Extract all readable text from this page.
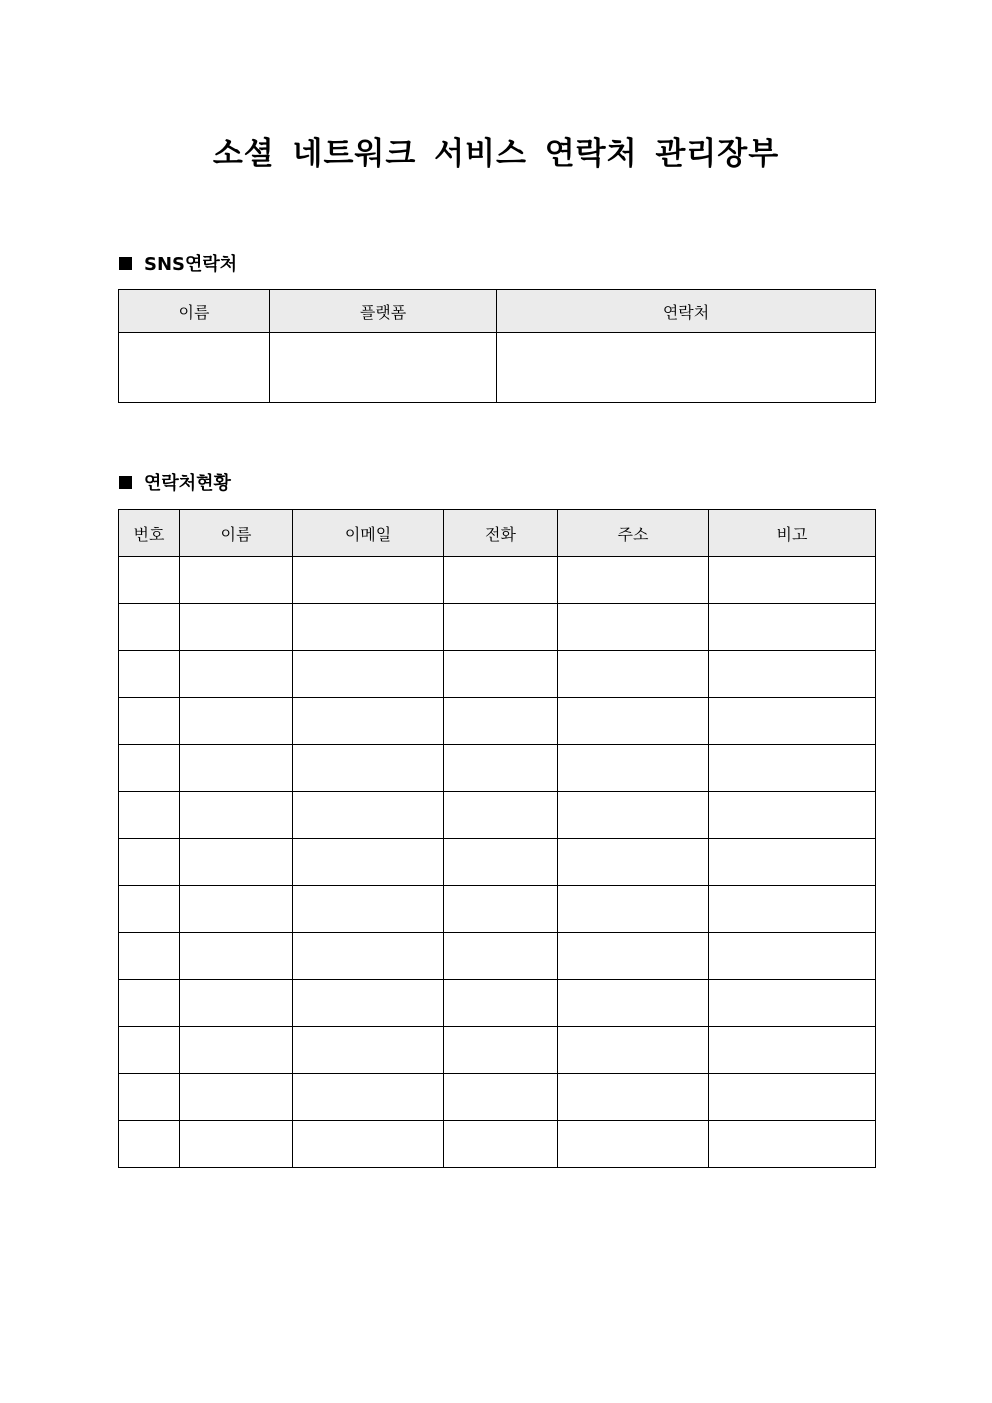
소셜 네트워크 서비스 연락처 관리장부
SNS연락처
이름	플랫폼	연락처

연락처현황
번호	이름	이메일	전화	주소	비고
